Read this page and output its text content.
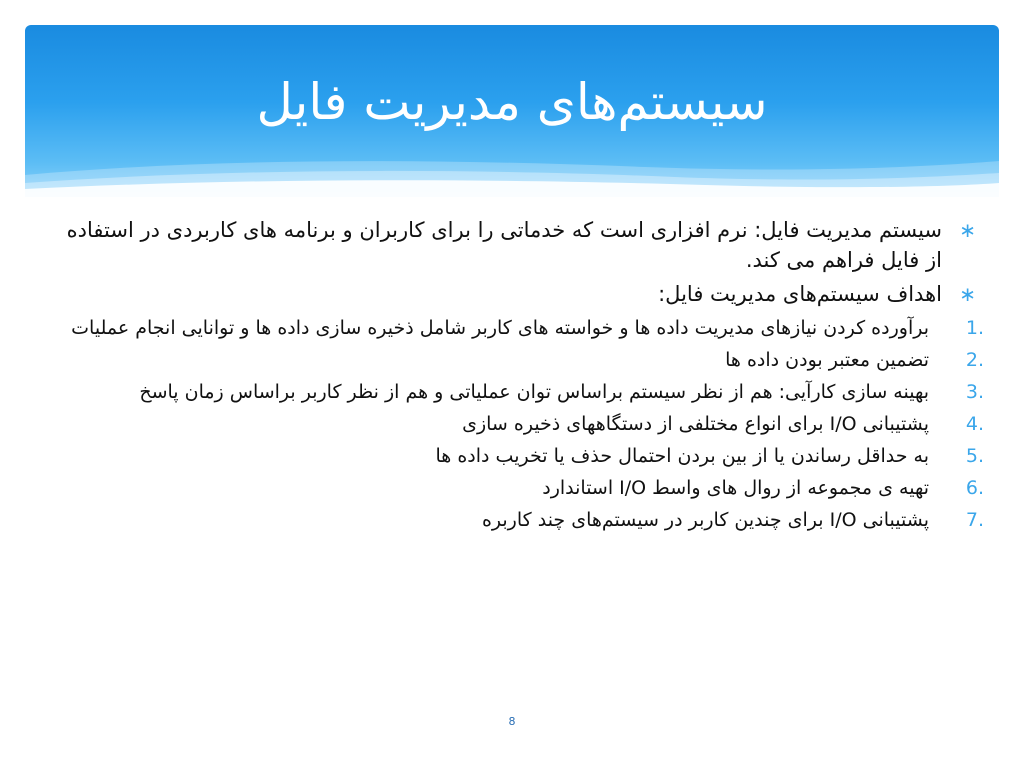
سیستم‌های مدیریت فایل
∗
سیستم مدیریت فایل: نرم افزاری است که خدماتی را برای کاربران و برنامه های کاربردی در استفاده از فایل فراهم می کند.
∗
اهداف سیستم‌های مدیریت فایل:
1.
برآورده کردن نیازهای مدیریت داده ها و خواسته های کاربر شامل ذخیره سازی داده ها و توانایی انجام عملیات
2.
تضمین معتبر بودن داده ها
3.
بهینه سازی کارآیی: هم از نظر سیستم براساس توان عملیاتی و هم از نظر کاربر براساس زمان پاسخ
4.
پشتیبانی I/O برای انواع مختلفی از دستگاههای ذخیره سازی
5.
به حداقل رساندن یا از بین بردن احتمال حذف یا تخریب داده ها
6.
تهیه ی مجموعه از روال های واسط I/O استاندارد
7.
پشتیبانی I/O برای چندین کاربر در سیستم‌های چند کاربره
8
